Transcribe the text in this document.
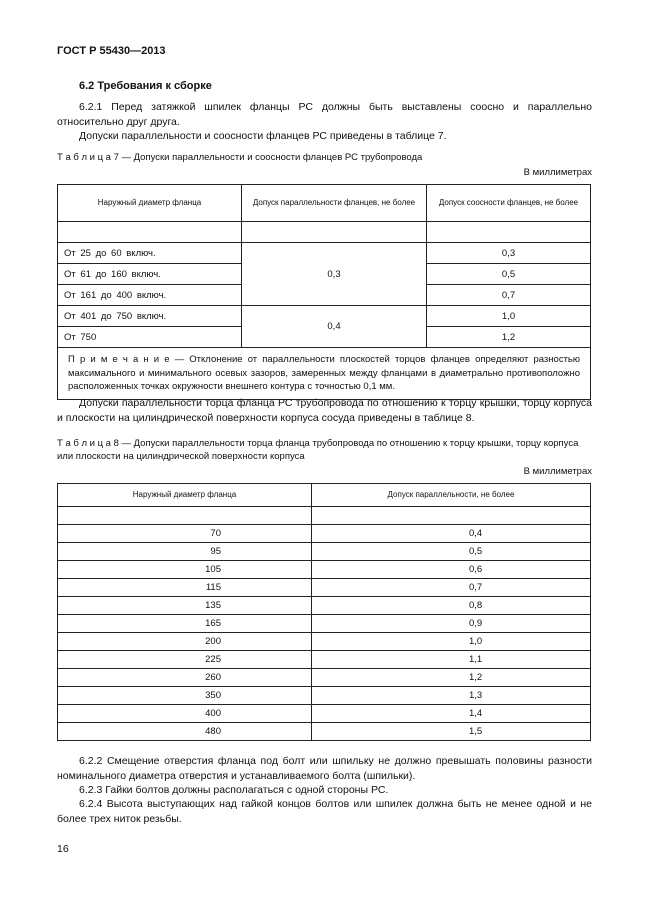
ГОСТ Р 55430—2013
6.2 Требования к сборке
6.2.1 Перед затяжкой шпилек фланцы РС должны быть выставлены соосно и параллельно относительно друг друга.
Допуски параллельности и соосности фланцев РС приведены в таблице 7.
Т а б л и ц а 7 — Допуски параллельности и соосности фланцев РС трубопровода
В миллиметрах
Наружный диаметр фланца	Допуск параллельности фланцев, не более	Допуск соосности фланцев, не более

От 25 до 60 включ.	0,3	0,3
От 61 до 160 включ.		0,5
От 161 до 400 включ.		0,7
От 401 до 750 включ.	0,4	1,0
От 750		1,2
П р и м е ч а н и е — Отклонение от параллельности плоскостей торцов фланцев определяют разностью максимального и минимального осевых зазоров, замеренных между фланцами в диаметрально противоположно расположенных точках окружности внешнего контура с точностью 0,1 мм.		
Допуски параллельности торца фланца РС трубопровода по отношению к торцу крышки, торцу корпуса и плоскости на цилиндрической поверхности корпуса сосуда приведены в таблице 8.
Т а б л и ц а 8 — Допуски параллельности торца фланца трубопровода по отношению к торцу крышки, торцу корпуса или плоскости на цилиндрической поверхности корпуса
В миллиметрах
Наружный диаметр фланца	Допуск параллельности, не более

70	0,4
95	0,5
105	0,6
115	0,7
135	0,8
165	0,9
200	1,0
225	1,1
260	1,2
350	1,3
400	1,4
480	1,5
6.2.2 Смещение отверстия фланца под болт или шпильку не должно превышать половины разности номинального диаметра отверстия и устанавливаемого болта (шпильки).
6.2.3 Гайки болтов должны располагаться с одной стороны РС.
6.2.4 Высота выступающих над гайкой концов болтов или шпилек должна быть не менее одной и не более трех ниток резьбы.
16
